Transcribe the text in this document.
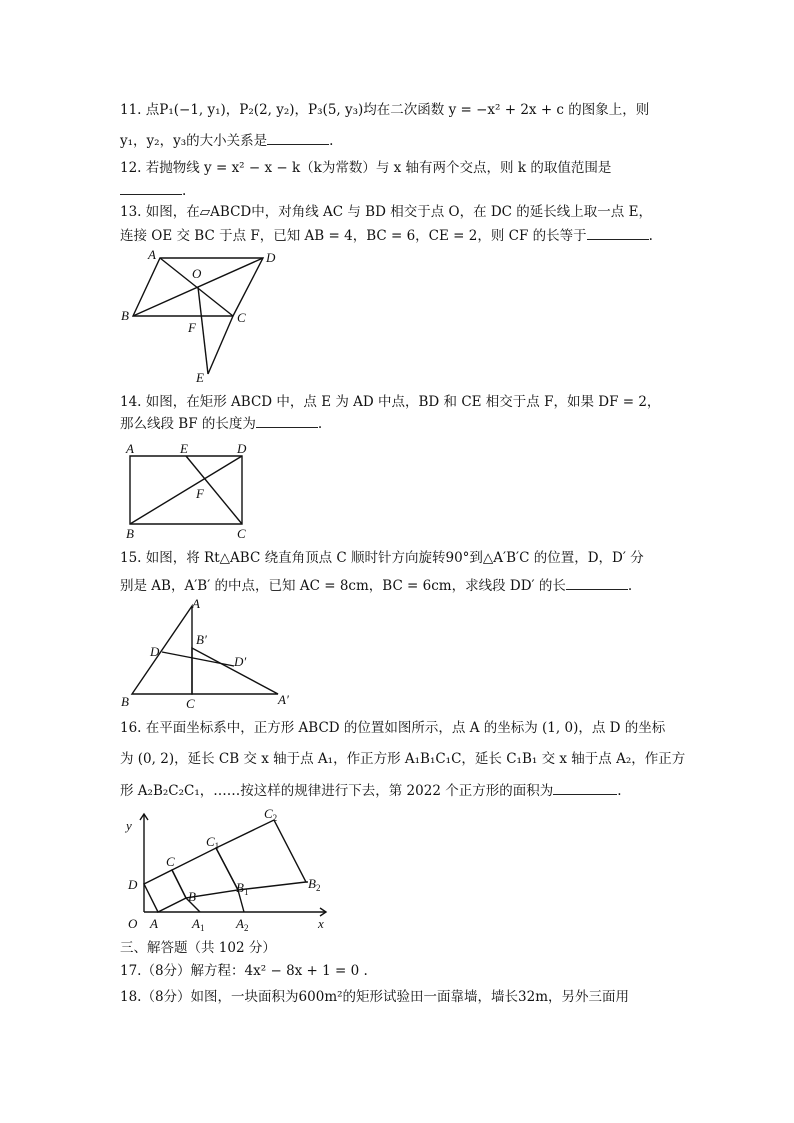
11. 点P₁(−1, y₁)，P₂(2, y₂)，P₃(5, y₃)均在二次函数 y = −x² + 2x + c 的图象上，则
y₁，y₂，y₃的大小关系是	.
12. 若抛物线 y = x² − x − k（k为常数）与 x 轴有两个交点，则 k 的取值范围是
.
13. 如图，在▱ABCD中，对角线 AC 与 BD 相交于点 O，在 DC 的延长线上取一点 E，
连接 OE 交 BC 于点 F，已知 AB = 4，BC = 6，CE = 2，则 CF 的长等于	.
A	D
O
B	C
F
E
14. 如图，在矩形 ABCD 中，点 E 为 AD 中点，BD 和 CE 相交于点 F，如果 DF = 2，
那么线段 BF 的长度为	.
A	E	D
F
B	C
15. 如图，将 Rt△ABC 绕直角顶点 C 顺时针方向旋转90°到△A′B′C 的位置，D，D′ 分
别是 AB，A′B′ 的中点，已知 AC = 8cm，BC = 6cm，求线段 DD′ 的长	.
A
B′
D
D′
B	C	A′
16. 在平面坐标系中，正方形 ABCD 的位置如图所示，点 A 的坐标为 (1, 0)，点 D 的坐标
为 (0, 2)，延长 CB 交 x 轴于点 A₁，作正方形 A₁B₁C₁C，延长 C₁B₁ 交 x 轴于点 A₂，作正方
形 A₂B₂C₂C₁，……按这样的规律进行下去，第 2022 个正方形的面积为	.
y
x
O A
D
C
B
$A_1$
$B_1$
$C_1$
$A_2$
$B_2$
$C_2$
三、解答题（共 102 分）
17.（8分）解方程：4x² − 8x + 1 = 0 .
18.（8分）如图，一块面积为600m²的矩形试验田一面靠墙，墙长32m，另外三面用
